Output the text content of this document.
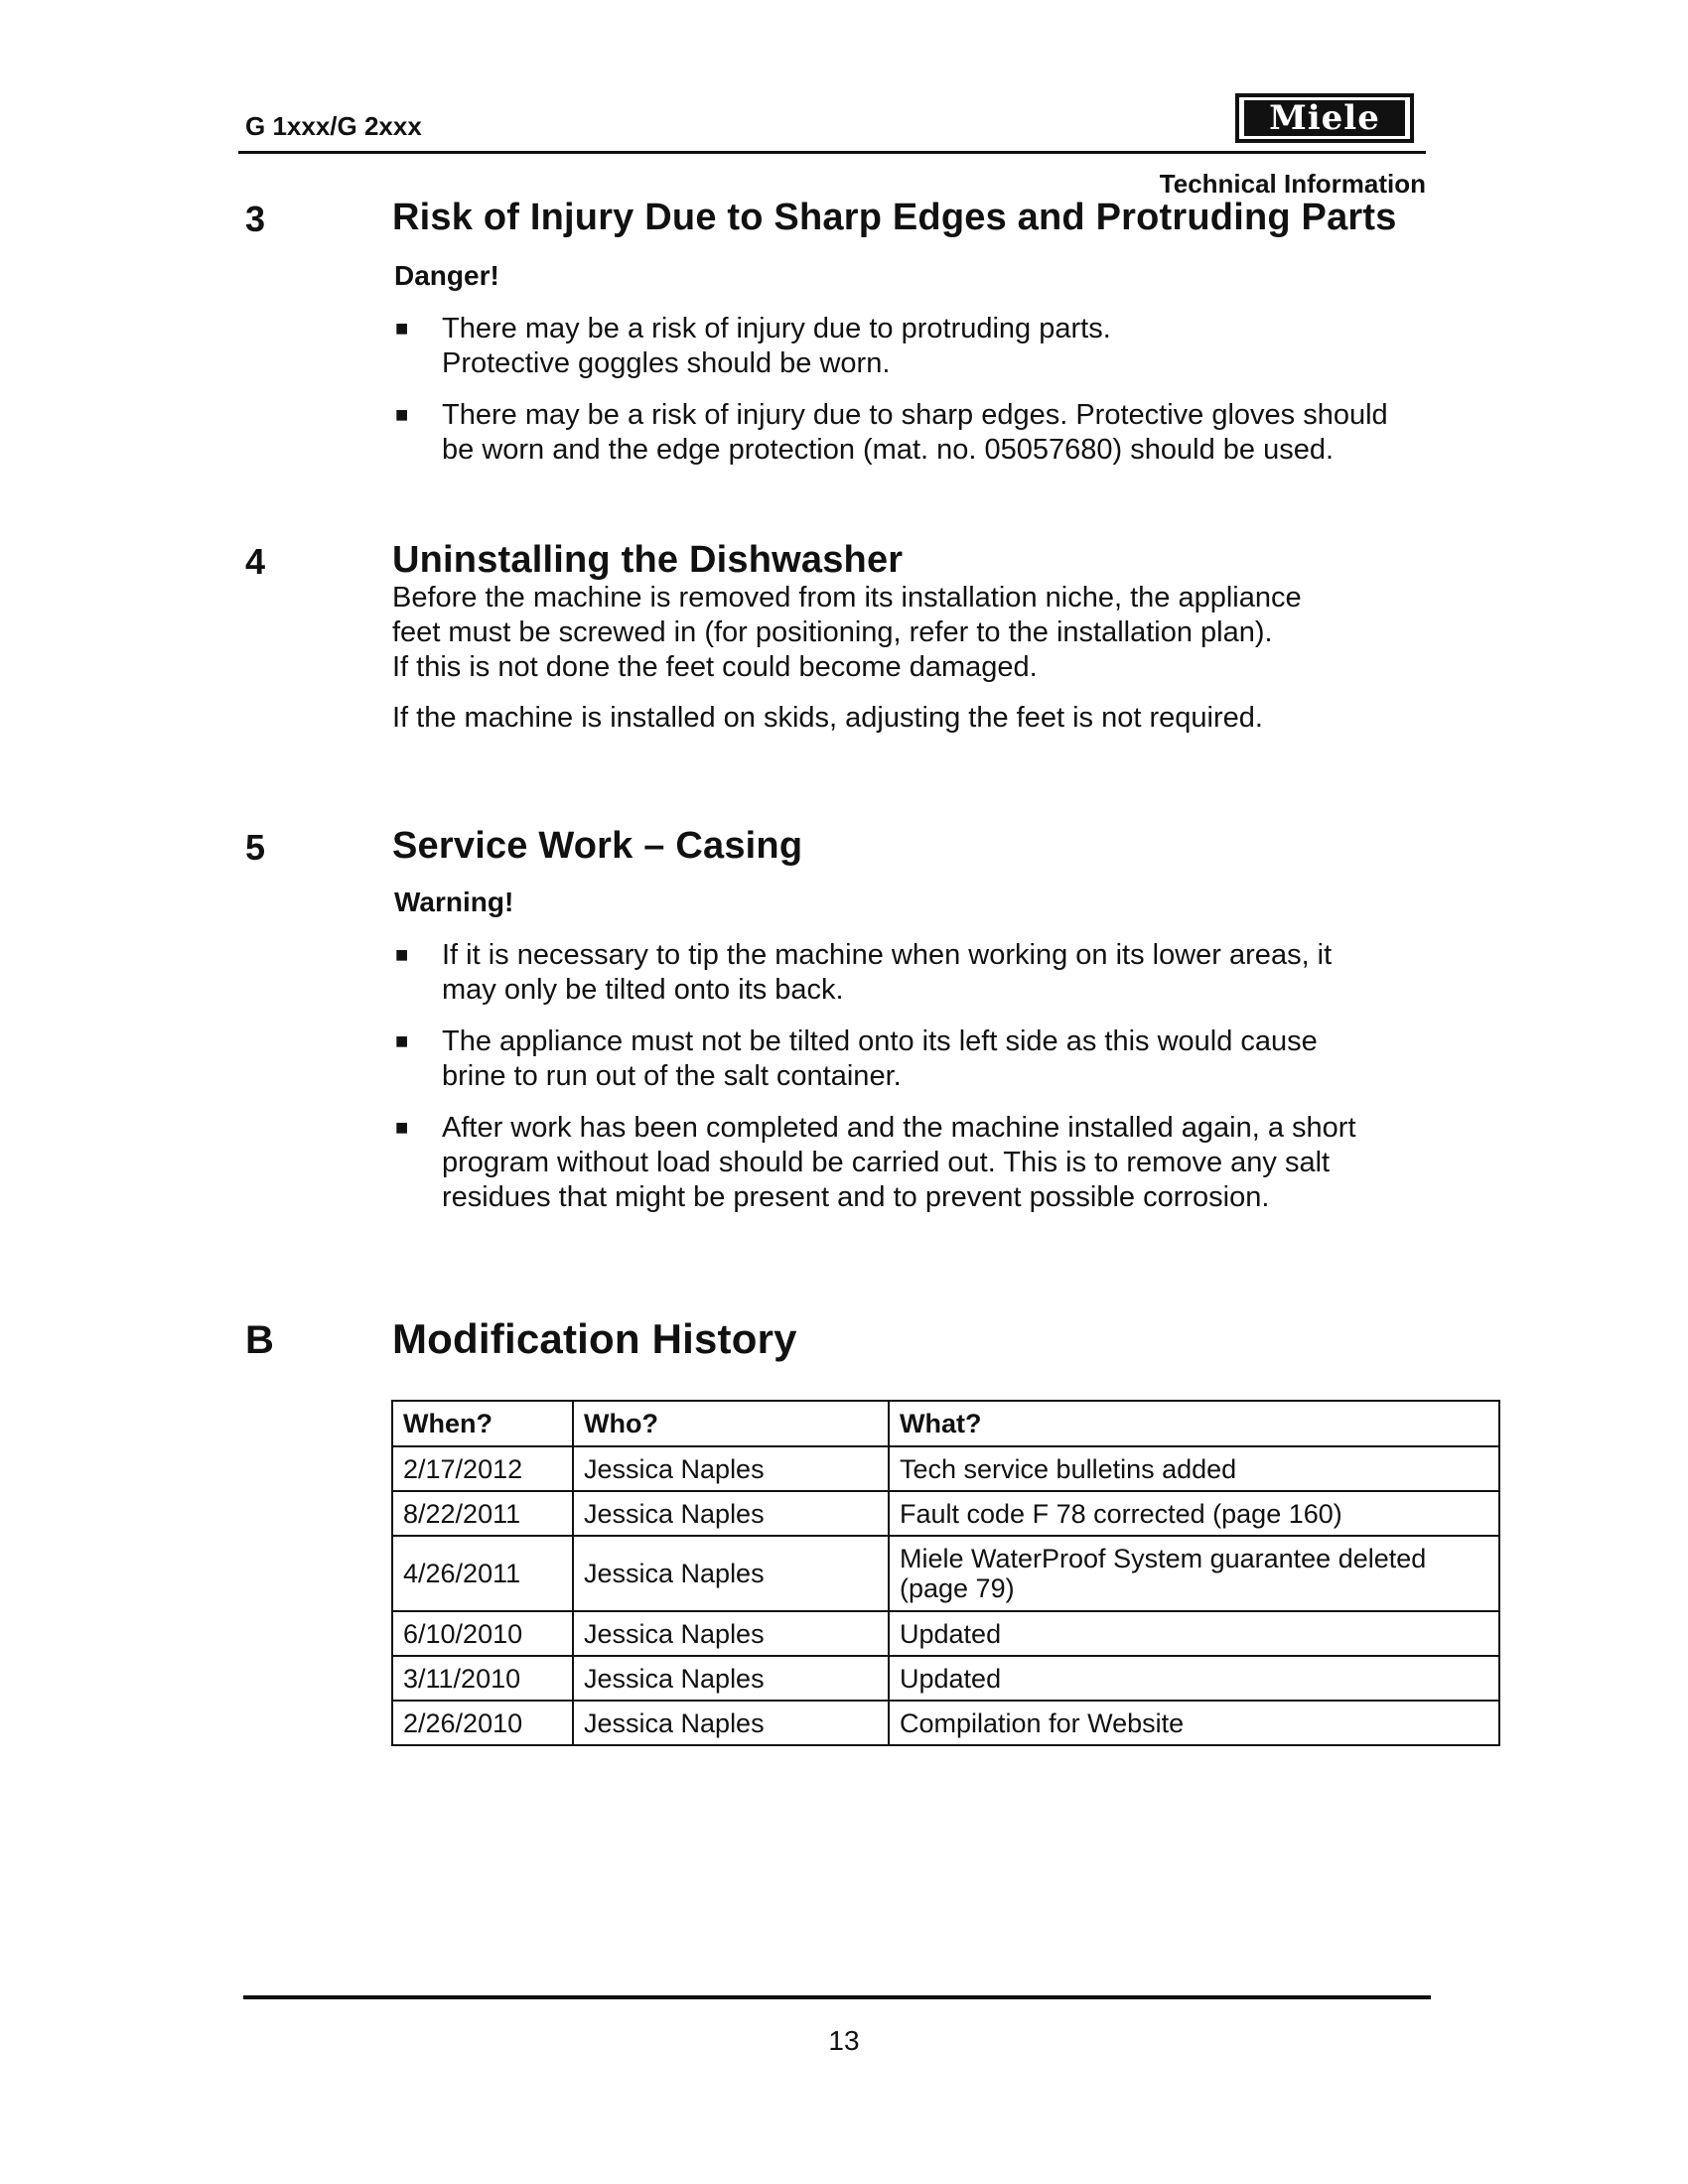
G 1xxx/G 2xxx	Miele
Technical Information
3	Risk of Injury Due to Sharp Edges and Protruding Parts
Danger!
■ There may be a risk of injury due to protruding parts.
Protective goggles should be worn.
■ There may be a risk of injury due to sharp edges. Protective gloves should
be worn and the edge protection (mat. no. 05057680) should be used.
4	Uninstalling the Dishwasher
Before the machine is removed from its installation niche, the appliance
feet must be screwed in (for positioning, refer to the installation plan).
If this is not done the feet could become damaged.
If the machine is installed on skids, adjusting the feet is not required.
5	Service Work – Casing
Warning!
■ If it is necessary to tip the machine when working on its lower areas, it
may only be tilted onto its back.
■ The appliance must not be tilted onto its left side as this would cause
brine to run out of the salt container.
■ After work has been completed and the machine installed again, a short
program without load should be carried out. This is to remove any salt
residues that might be present and to prevent possible corrosion.
B	Modification History
When?	Who?	What?
2/17/2012	Jessica Naples	Tech service bulletins added
8/22/2011	Jessica Naples	Fault code F 78 corrected (page 160)
4/26/2011	Jessica Naples	Miele WaterProof System guarantee deleted (page 79)
6/10/2010	Jessica Naples	Updated
3/11/2010	Jessica Naples	Updated
2/26/2010	Jessica Naples	Compilation for Website
13
